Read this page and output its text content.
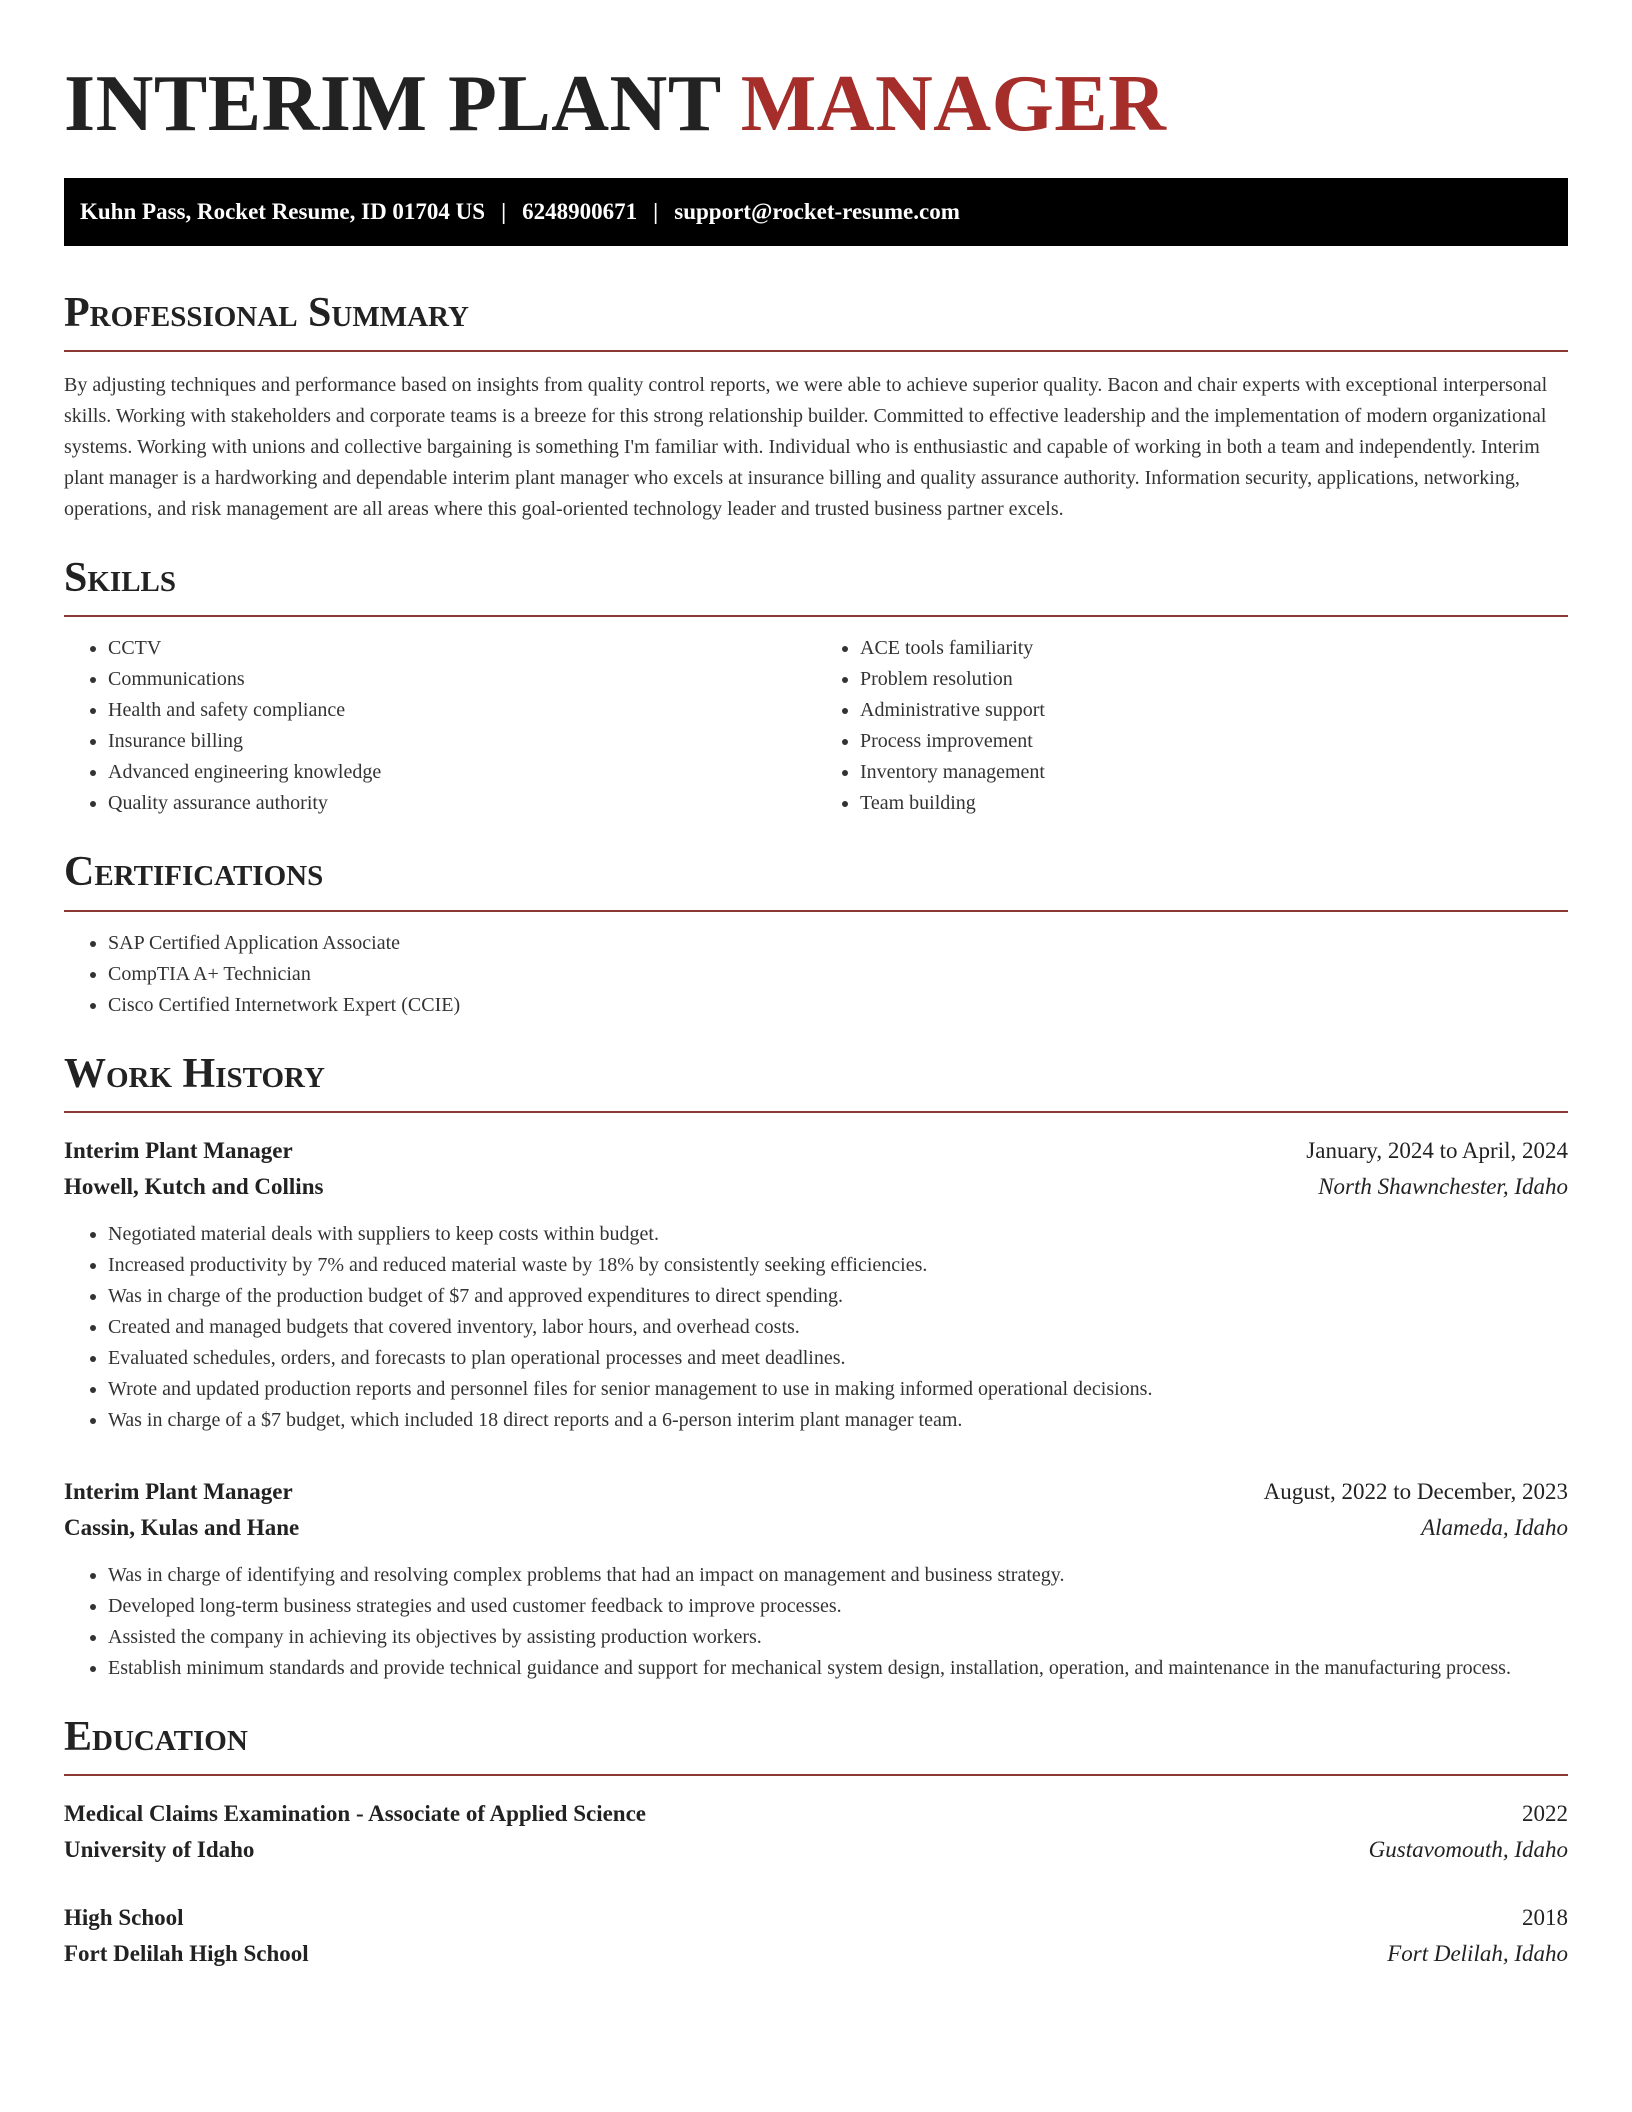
INTERIM PLANT MANAGER
Kuhn Pass, Rocket Resume, ID 01704 US | 6248900671 | support@rocket-resume.com
Professional Summary
By adjusting techniques and performance based on insights from quality control reports, we were able to achieve superior quality. Bacon and chair experts with exceptional interpersonal skills. Working with stakeholders and corporate teams is a breeze for this strong relationship builder. Committed to effective leadership and the implementation of modern organizational systems. Working with unions and collective bargaining is something I'm familiar with. Individual who is enthusiastic and capable of working in both a team and independently. Interim plant manager is a hardworking and dependable interim plant manager who excels at insurance billing and quality assurance authority. Information security, applications, networking, operations, and risk management are all areas where this goal-oriented technology leader and trusted business partner excels.
Skills
• CCTV
• Communications
• Health and safety compliance
• Insurance billing
• Advanced engineering knowledge
• Quality assurance authority
• ACE tools familiarity
• Problem resolution
• Administrative support
• Process improvement
• Inventory management
• Team building
Certifications
• SAP Certified Application Associate
• CompTIA A+ Technician
• Cisco Certified Internetwork Expert (CCIE)
Work History
Interim Plant Manager	January, 2024 to April, 2024
Howell, Kutch and Collins	North Shawnchester, Idaho
• Negotiated material deals with suppliers to keep costs within budget.
• Increased productivity by 7% and reduced material waste by 18% by consistently seeking efficiencies.
• Was in charge of the production budget of $7 and approved expenditures to direct spending.
• Created and managed budgets that covered inventory, labor hours, and overhead costs.
• Evaluated schedules, orders, and forecasts to plan operational processes and meet deadlines.
• Wrote and updated production reports and personnel files for senior management to use in making informed operational decisions.
• Was in charge of a $7 budget, which included 18 direct reports and a 6-person interim plant manager team.
Interim Plant Manager	August, 2022 to December, 2023
Cassin, Kulas and Hane	Alameda, Idaho
• Was in charge of identifying and resolving complex problems that had an impact on management and business strategy.
• Developed long-term business strategies and used customer feedback to improve processes.
• Assisted the company in achieving its objectives by assisting production workers.
• Establish minimum standards and provide technical guidance and support for mechanical system design, installation, operation, and maintenance in the manufacturing process.
Education
Medical Claims Examination - Associate of Applied Science	2022
University of Idaho	Gustavomouth, Idaho
High School	2018
Fort Delilah High School	Fort Delilah, Idaho
